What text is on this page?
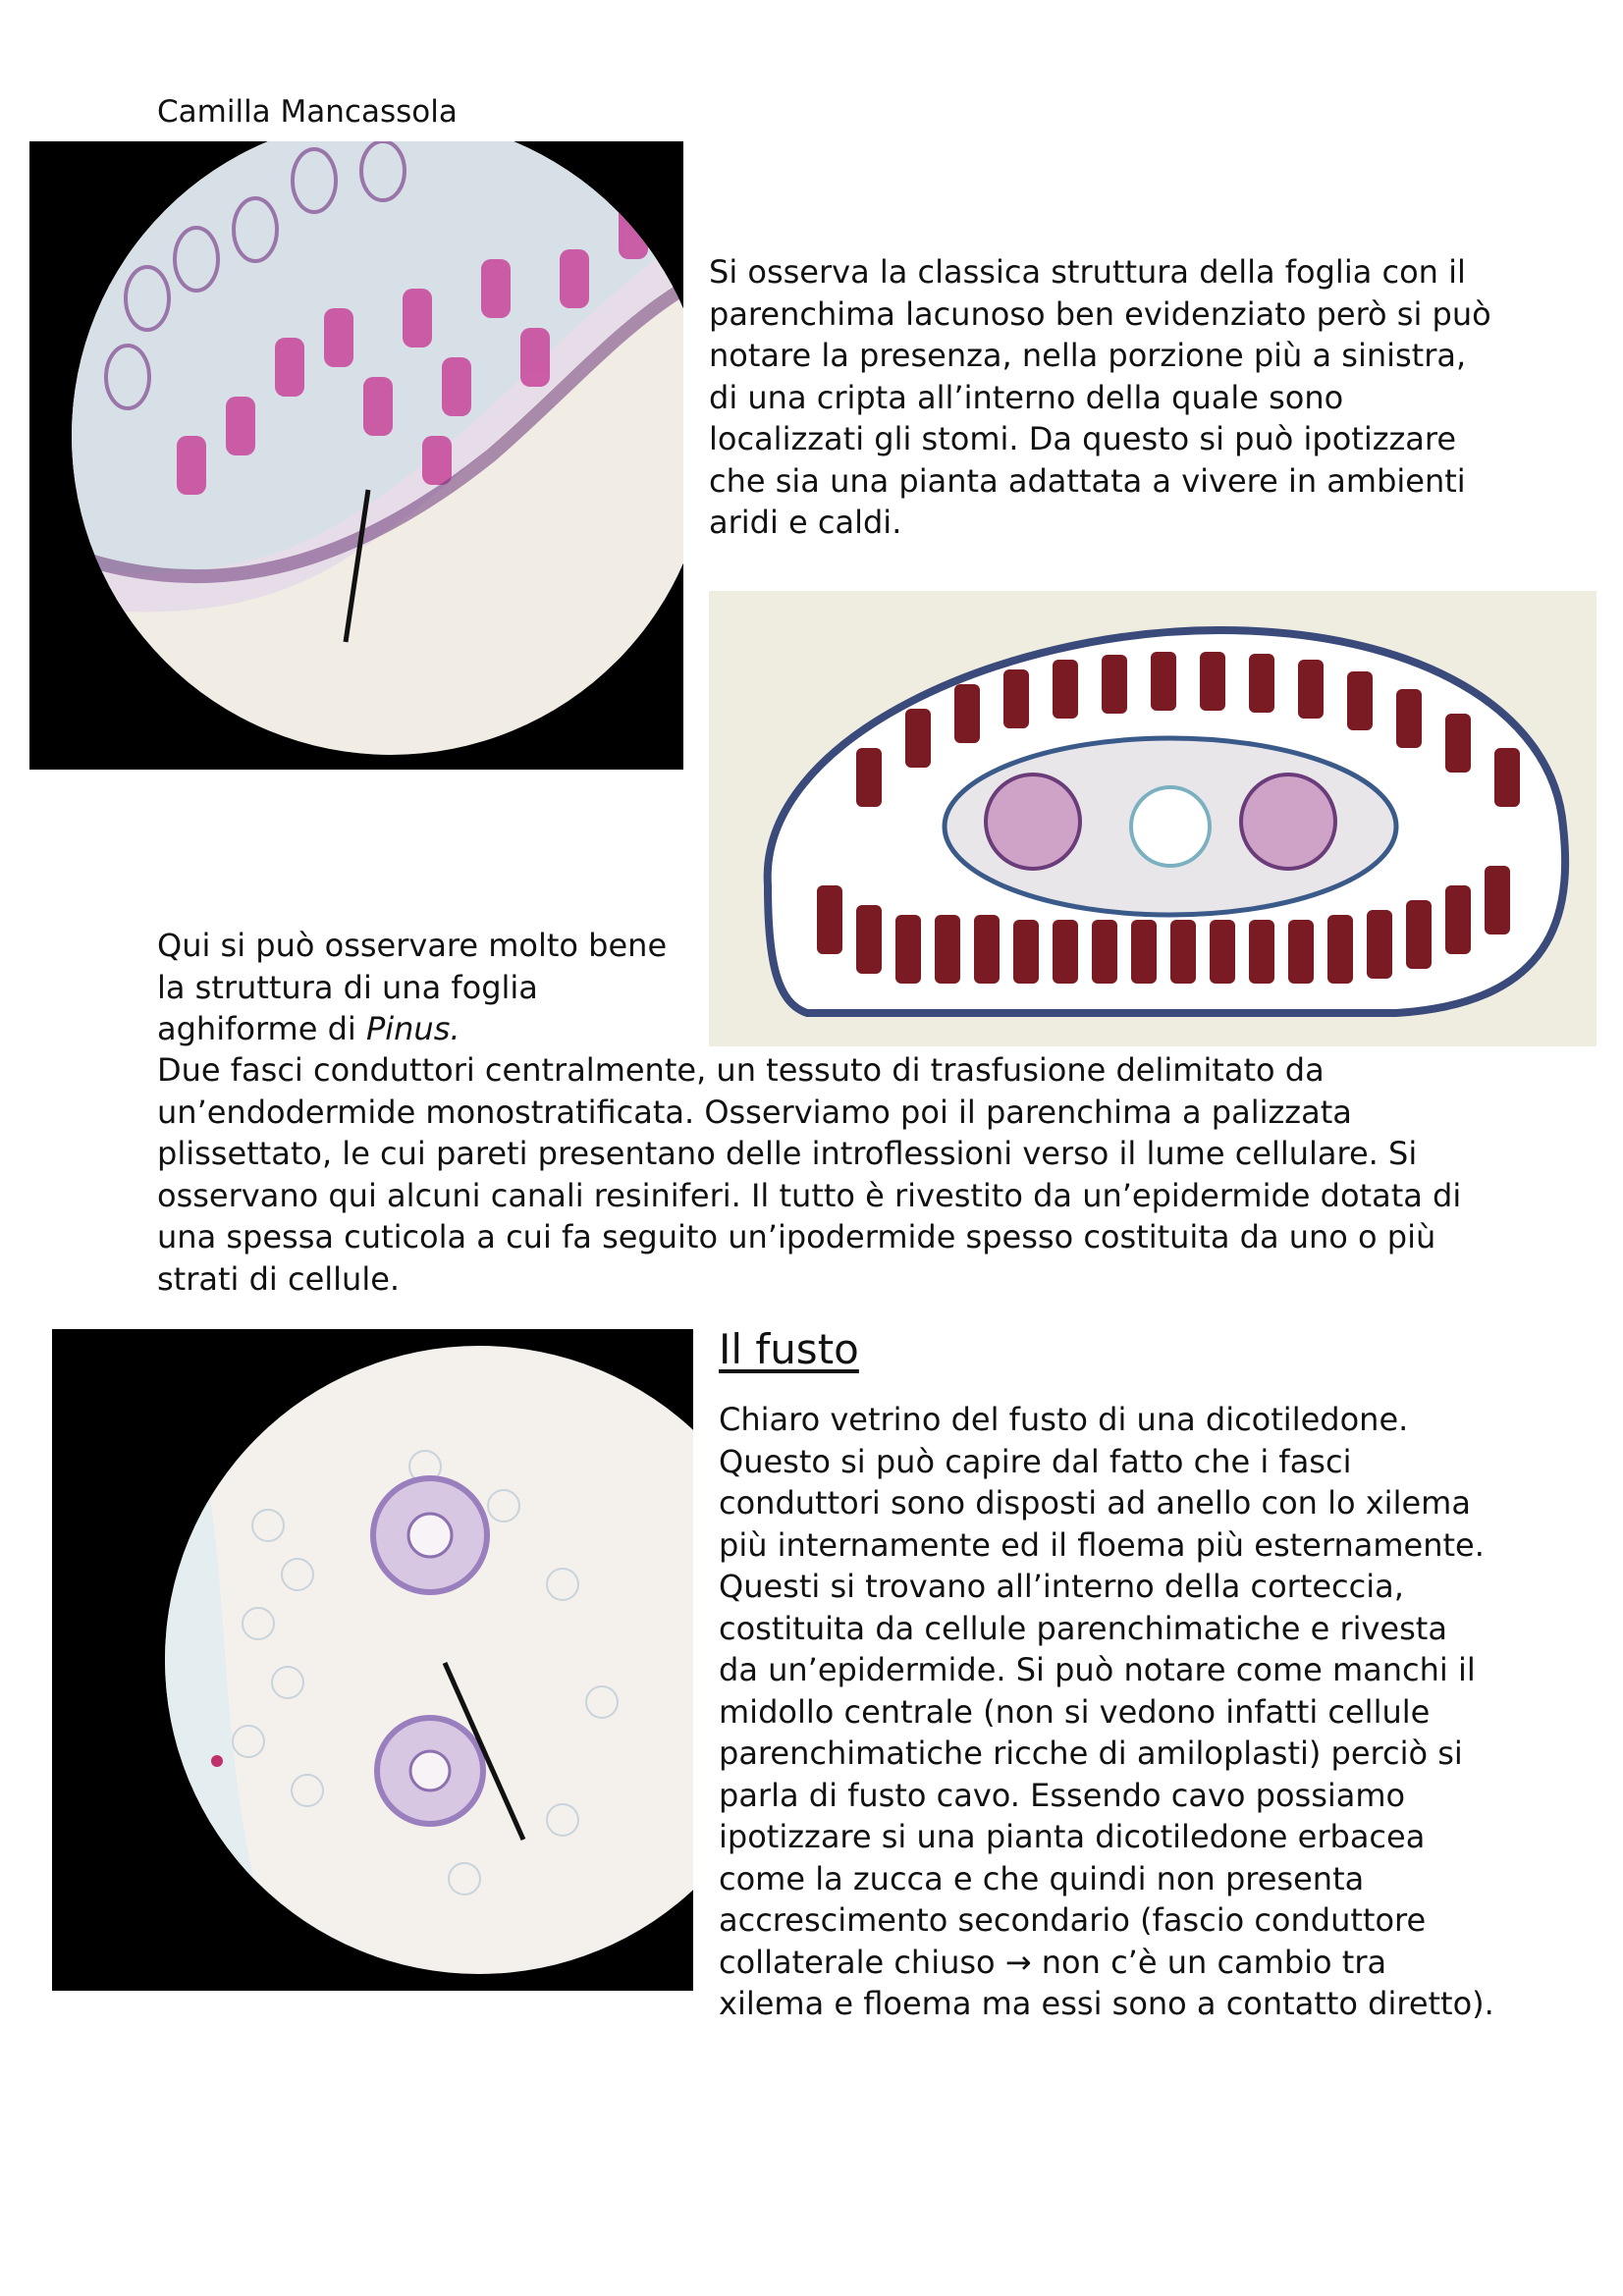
Camilla Mancassola

Si osserva la classica struttura della foglia con il parenchima lacunoso ben evidenziato però si può notare la presenza, nella porzione più a sinistra, di una cripta all’interno della quale sono localizzati gli stomi. Da questo si può ipotizzare che sia una pianta adattata a vivere in ambienti aridi e caldi.

Qui si può osservare molto bene la struttura di una foglia aghiforme di Pinus.

Due fasci conduttori centralmente, un tessuto di trasfusione delimitato da un’endodermide monostratificata. Osserviamo poi il parenchima a palizzata plissettato, le cui pareti presentano delle introflessioni verso il lume cellulare. Si osservano qui alcuni canali resiniferi. Il tutto è rivestito da un’epidermide dotata di una spessa cuticola a cui fa seguito un’ipodermide spesso costituita da uno o più strati di cellule.

Il fusto

Chiaro vetrino del fusto di una dicotiledone. Questo si può capire dal fatto che i fasci conduttori sono disposti ad anello con lo xilema più internamente ed il floema più esternamente. Questi si trovano all’interno della corteccia, costituita da cellule parenchimatiche e rivesta da un’epidermide. Si può notare come manchi il midollo centrale (non si vedono infatti cellule parenchimatiche ricche di amiloplasti) perciò si parla di fusto cavo. Essendo cavo possiamo ipotizzare si una pianta dicotiledone erbacea come la zucca e che quindi non presenta accrescimento secondario (fascio conduttore collaterale chiuso → non c’è un cambio tra xilema e floema ma essi sono a contatto diretto).
